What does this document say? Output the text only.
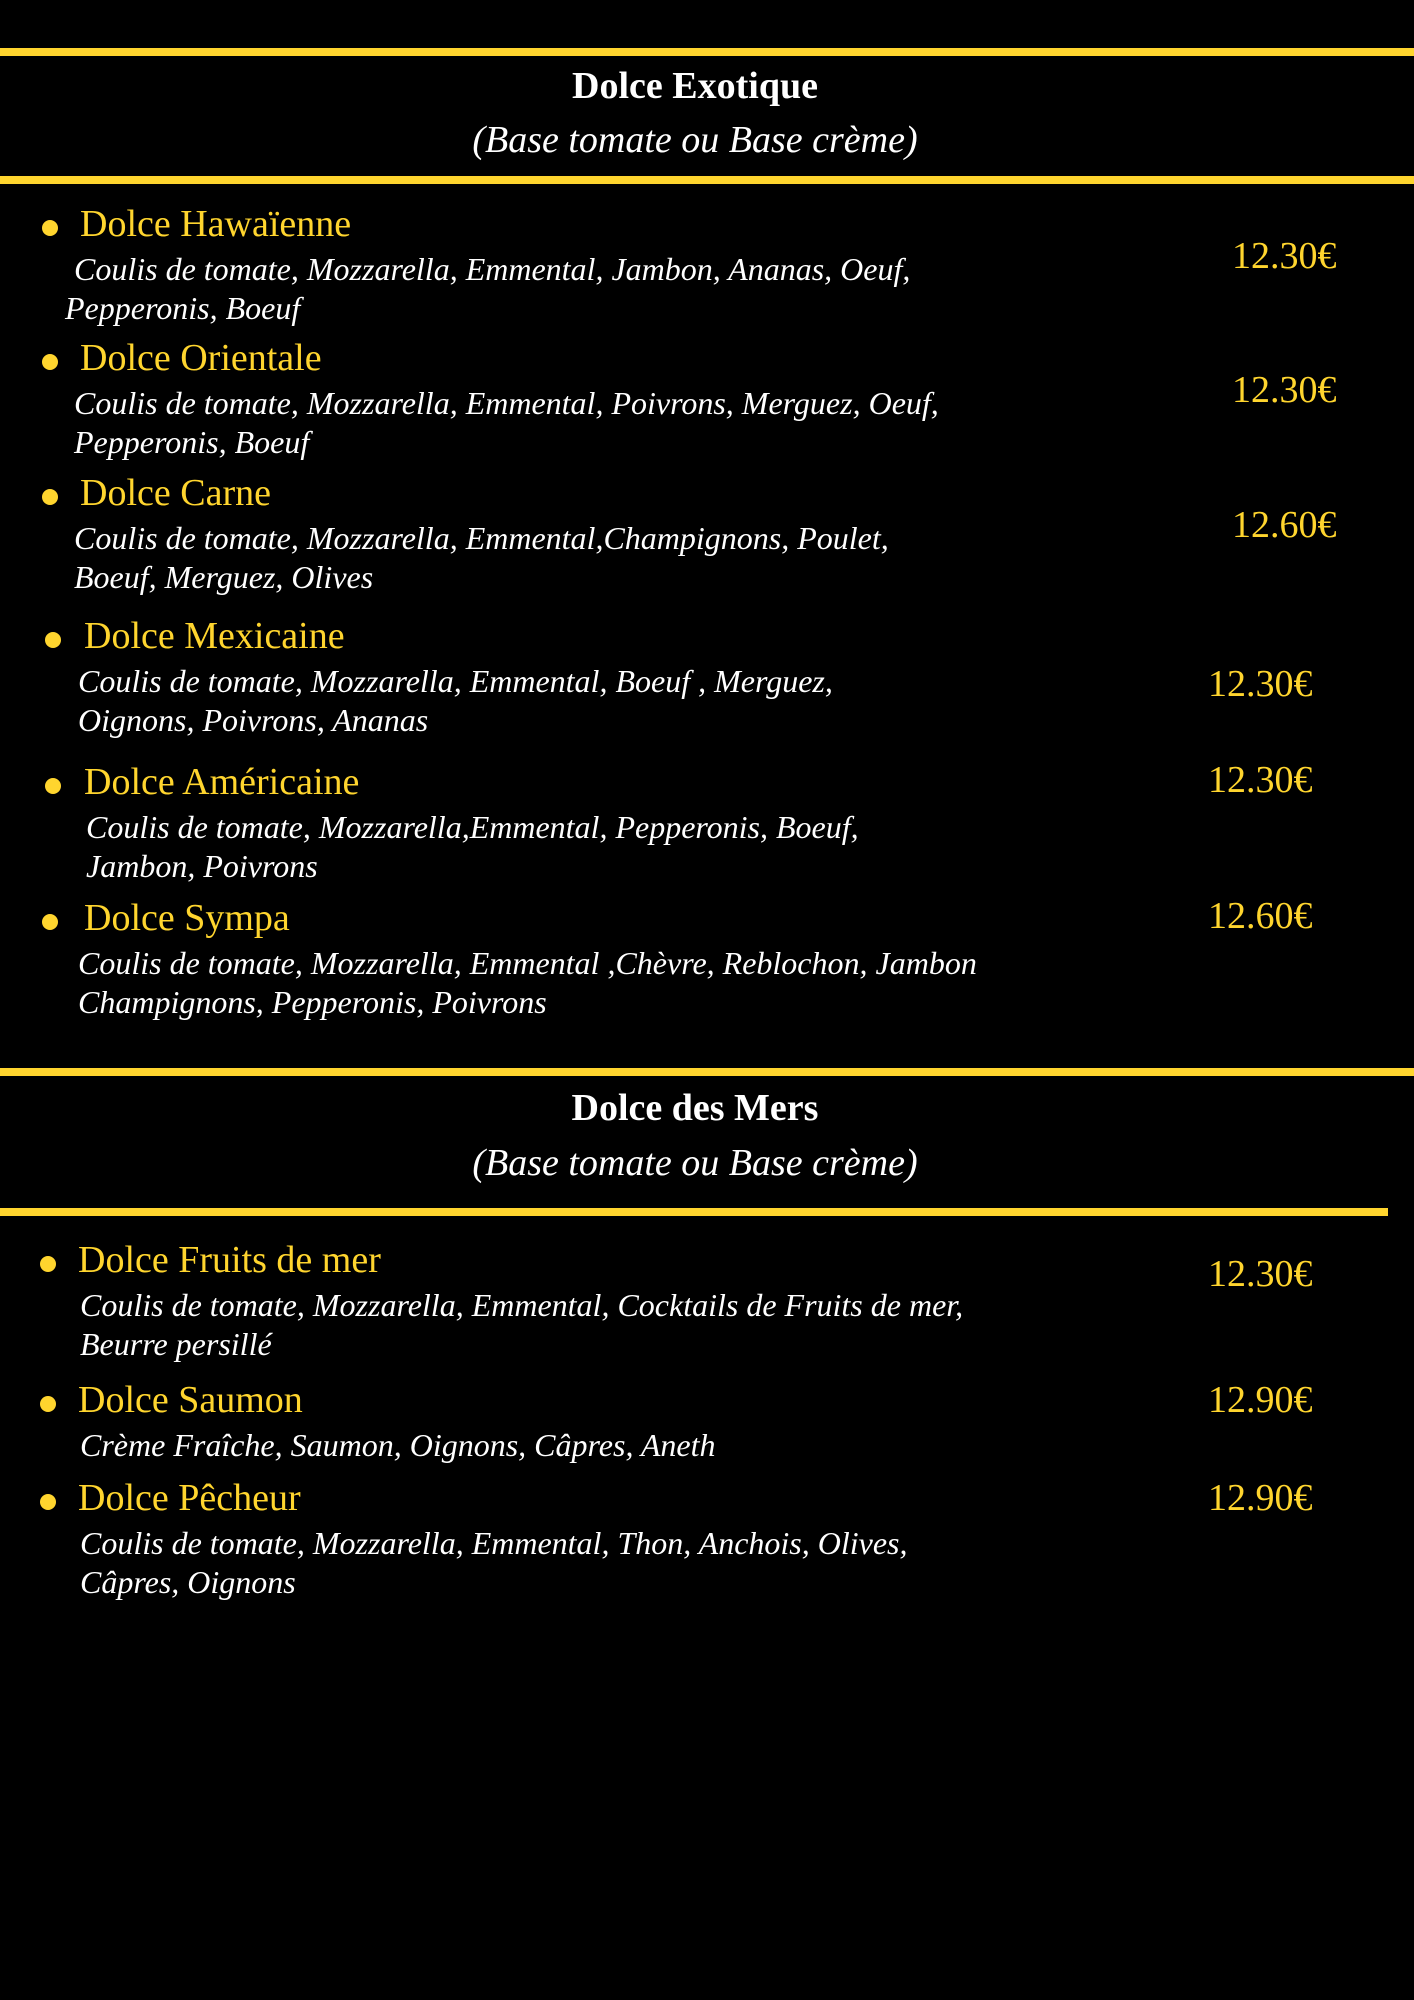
Dolce Exotique
(Base tomate ou Base crème)
Dolce Hawaïenne
Coulis de tomate, Mozzarella, Emmental, Jambon, Ananas, Oeuf,
Pepperonis, Boeuf
12.30€
Dolce Orientale
Coulis de tomate, Mozzarella, Emmental, Poivrons, Merguez, Oeuf,
Pepperonis, Boeuf
12.30€
Dolce Carne
Coulis de tomate, Mozzarella, Emmental,Champignons, Poulet,
Boeuf, Merguez, Olives
12.60€
Dolce Mexicaine
Coulis de tomate, Mozzarella, Emmental, Boeuf , Merguez,
Oignons, Poivrons, Ananas
12.30€
Dolce Américaine
Coulis de tomate, Mozzarella,Emmental, Pepperonis, Boeuf,
Jambon, Poivrons
12.30€
Dolce Sympa
Coulis de tomate, Mozzarella, Emmental ,Chèvre, Reblochon, Jambon
Champignons, Pepperonis, Poivrons
12.60€
Dolce des Mers
(Base tomate ou Base crème)
Dolce Fruits de mer
Coulis de tomate, Mozzarella, Emmental, Cocktails de Fruits de mer,
Beurre persillé
12.30€
Dolce Saumon
Crème Fraîche, Saumon, Oignons, Câpres, Aneth
12.90€
Dolce Pêcheur
Coulis de tomate, Mozzarella, Emmental, Thon, Anchois, Olives,
Câpres, Oignons
12.90€
